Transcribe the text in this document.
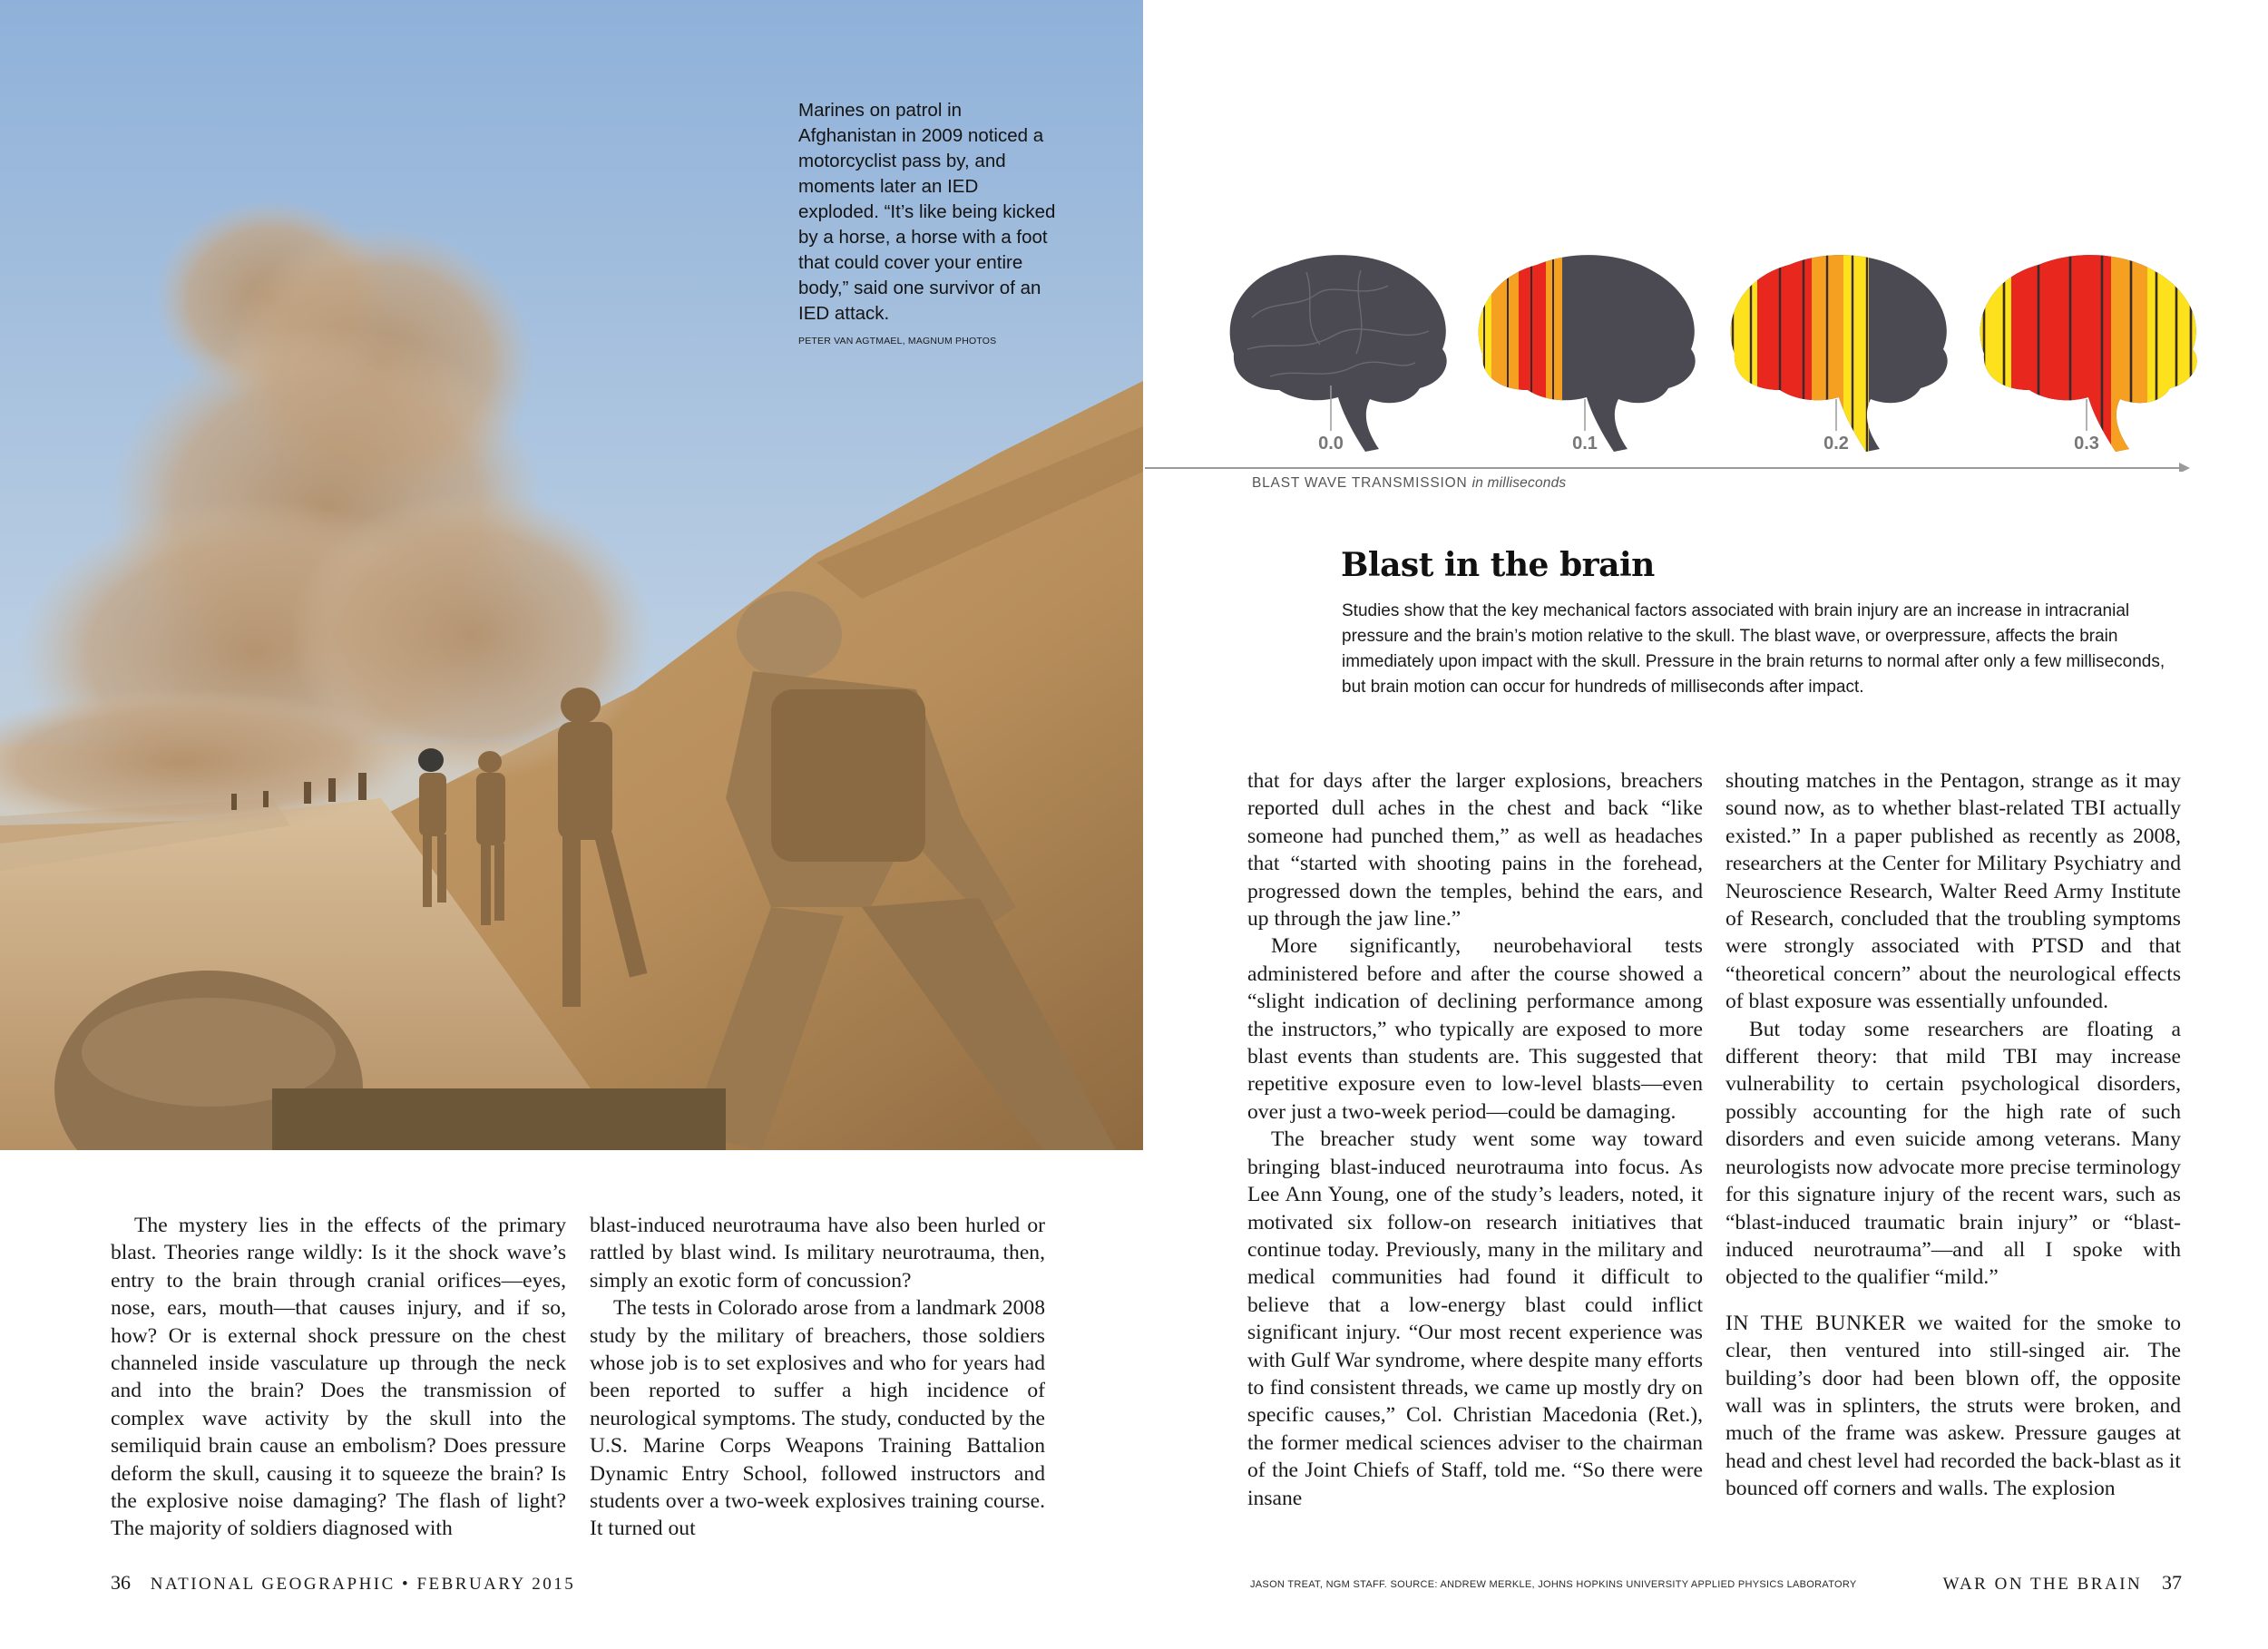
Marines on patrol in Afghanistan in 2009 noticed a motorcyclist pass by, and moments later an IED exploded. “It’s like being kicked by a horse, a horse with a foot that could cover your entire body,” said one survivor of an IED attack.
PETER VAN AGTMAEL, MAGNUM PHOTOS
0.0	0.1	0.2	0.3
BLAST WAVE TRANSMISSION in milliseconds
Blast in the brain
Studies show that the key mechanical factors associated with brain injury are an increase in intracranial pressure and the brain’s motion relative to the skull. The blast wave, or overpressure, affects the brain immediately upon impact with the skull. Pressure in the brain returns to normal after only a few milliseconds, but brain motion can occur for hundreds of milliseconds after impact.

The mystery lies in the effects of the primary blast. Theories range wildly: Is it the shock wave’s entry to the brain through cranial orifices—eyes, nose, ears, mouth—that causes injury, and if so, how? Or is external shock pressure on the chest channeled inside vasculature up through the neck and into the brain? Does the transmission of complex wave activity by the skull into the semiliquid brain cause an embolism? Does pressure deform the skull, causing it to squeeze the brain? Is the explosive noise damaging? The flash of light? The majority of soldiers diagnosed with

blast-induced neurotrauma have also been hurled or rattled by blast wind. Is military neurotrauma, then, simply an exotic form of concussion?

The tests in Colorado arose from a landmark 2008 study by the military of breachers, those soldiers whose job is to set explosives and who for years had been reported to suffer a high incidence of neurological symptoms. The study, conducted by the U.S. Marine Corps Weapons Training Battalion Dynamic Entry School, followed instructors and students over a two-week explosives training course. It turned out

that for days after the larger explosions, breachers reported dull aches in the chest and back “like someone had punched them,” as well as headaches that “started with shooting pains in the forehead, progressed down the temples, behind the ears, and up through the jaw line.”

More significantly, neurobehavioral tests administered before and after the course showed a “slight indication of declining performance among the instructors,” who typically are exposed to more blast events than students are. This suggested that repetitive exposure even to low-level blasts—even over just a two-week period—could be damaging.

The breacher study went some way toward bringing blast-induced neurotrauma into focus. As Lee Ann Young, one of the study’s leaders, noted, it motivated six follow-on research initiatives that continue today. Previously, many in the military and medical communities had found it difficult to believe that a low-energy blast could inflict significant injury. “Our most recent experience was with Gulf War syndrome, where despite many efforts to find consistent threads, we came up mostly dry on specific causes,” Col. Christian Macedonia (Ret.), the former medical sciences adviser to the chairman of the Joint Chiefs of Staff, told me. “So there were insane

shouting matches in the Pentagon, strange as it may sound now, as to whether blast-related TBI actually existed.” In a paper published as recently as 2008, researchers at the Center for Military Psychiatry and Neuroscience Research, Walter Reed Army Institute of Research, concluded that the troubling symptoms were strongly associated with PTSD and that “theoretical concern” about the neurological effects of blast exposure was essentially unfounded.

But today some researchers are floating a different theory: that mild TBI may increase vulnerability to certain psychological disorders, possibly accounting for the high rate of such disorders and even suicide among veterans. Many neurologists now advocate more precise terminology for this signature injury of the recent wars, such as “blast-induced traumatic brain injury” or “blast-induced neurotrauma”—and all I spoke with objected to the qualifier “mild.”

IN THE BUNKER we waited for the smoke to clear, then ventured into still-singed air. The building’s door had been blown off, the opposite wall was in splinters, the struts were broken, and much of the frame was askew. Pressure gauges at head and chest level had recorded the back-blast as it bounced off corners and walls. The explosion

36 NATIONAL GEOGRAPHIC • FEBRUARY 2015	JASON TREAT, NGM STAFF. SOURCE: ANDREW MERKLE, JOHNS HOPKINS UNIVERSITY APPLIED PHYSICS LABORATORY	WAR ON THE BRAIN 37
